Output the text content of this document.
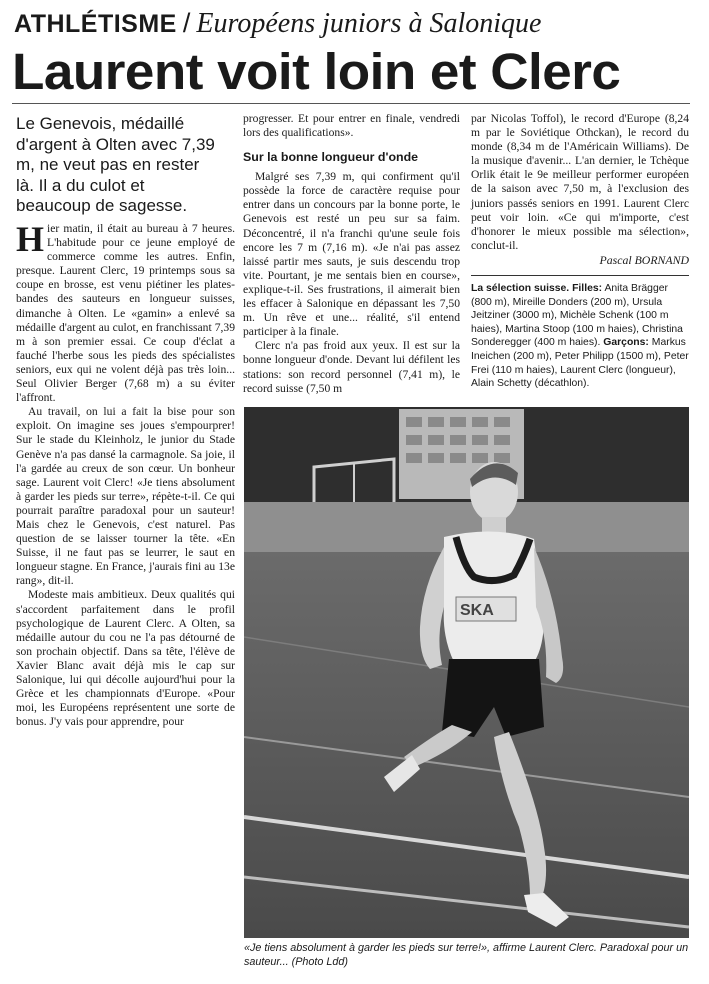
ATHLÉTISME / Européens juniors à Salonique
Laurent voit loin et Clerc
Le Genevois, médaillé d'argent à Olten avec 7,39 m, ne veut pas en rester là. Il a du culot et beaucoup de sagesse.

Hier matin, il était au bureau à 7 heures. L'habitude pour ce jeune employé de commerce comme les autres. Enfin, presque. Laurent Clerc, 19 printemps sous sa coupe en brosse, est venu piétiner les plates-bandes des sauteurs en longueur suisses, dimanche à Olten. Le «gamin» a enlevé sa médaille d'argent au culot, en franchissant 7,39 m à son premier essai. Ce coup d'éclat a fauché l'herbe sous les pieds des spécialistes seniors, eux qui ne volent déjà pas très loin... Seul Olivier Berger (7,68 m) a su éviter l'affront.

Au travail, on lui a fait la bise pour son exploit. On imagine ses joues s'empourprer! Sur le stade du Kleinholz, le junior du Stade Genève n'a pas dansé la carmagnole. Sa joie, il l'a gardée au creux de son cœur. Un bonheur sage. Laurent voit Clerc! «Je tiens absolument à garder les pieds sur terre», répète-t-il. Ce qui pourrait paraître paradoxal pour un sauteur! Mais chez le Genevois, c'est naturel. Pas question de se laisser tourner la tête. «En Suisse, il ne faut pas se leurrer, le saut en longueur stagne. En France, j'aurais fini au 13e rang», dit-il.

Modeste mais ambitieux. Deux qualités qui s'accordent parfaitement dans le profil psychologique de Laurent Clerc. A Olten, sa médaille autour du cou ne l'a pas détourné de son prochain objectif. Dans sa tête, l'élève de Xavier Blanc avait déjà mis le cap sur Salonique, lui qui décolle aujourd'hui pour la Grèce et les championnats d'Europe. «Pour moi, les Européens représentent une sorte de bonus. J'y vais pour apprendre, pour

progresser. Et pour entrer en finale, vendredi lors des qualifications».

Sur la bonne longueur d'onde

Malgré ses 7,39 m, qui confirment qu'il possède la force de caractère requise pour entrer dans un concours par la bonne porte, le Genevois est resté un peu sur sa faim. Déconcentré, il n'a franchi qu'une seule fois encore les 7 m (7,16 m). «Je n'ai pas assez laissé partir mes sauts, je suis descendu trop vite. Pourtant, je me sentais bien en course», explique-t-il. Ses frustrations, il aimerait bien les effacer à Salonique en dépassant les 7,50 m. Un rêve et une... réalité, s'il entend participer à la finale.

Clerc n'a pas froid aux yeux. Il est sur la bonne longueur d'onde. Devant lui défilent les stations: son record personnel (7,41 m), le record suisse (7,50 m

par Nicolas Toffol), le record d'Europe (8,24 m par le Soviétique Othckan), le record du monde (8,34 m de l'Américain Williams). De la musique d'avenir... L'an dernier, le Tchèque Orlik était le 9e meilleur performer européen de la saison avec 7,50 m, à l'exclusion des juniors passés seniors en 1991. Laurent Clerc peut voir loin. «Ce qui m'importe, c'est d'honorer le mieux possible ma sélection», conclut-il.

Pascal BORNAND

La sélection suisse. Filles: Anita Brägger (800 m), Mireille Donders (200 m), Ursula Jeitziner (3000 m), Michèle Schenk (100 m haies), Martina Stoop (100 m haies), Christina Sonderegger (400 m haies). Garçons: Markus Ineichen (200 m), Peter Philipp (1500 m), Peter Frei (110 m haies), Laurent Clerc (longueur), Alain Schetty (décathlon).
SKA
«Je tiens absolument à garder les pieds sur terre!», affirme Laurent Clerc. Paradoxal pour un sauteur... (Photo Ldd)
